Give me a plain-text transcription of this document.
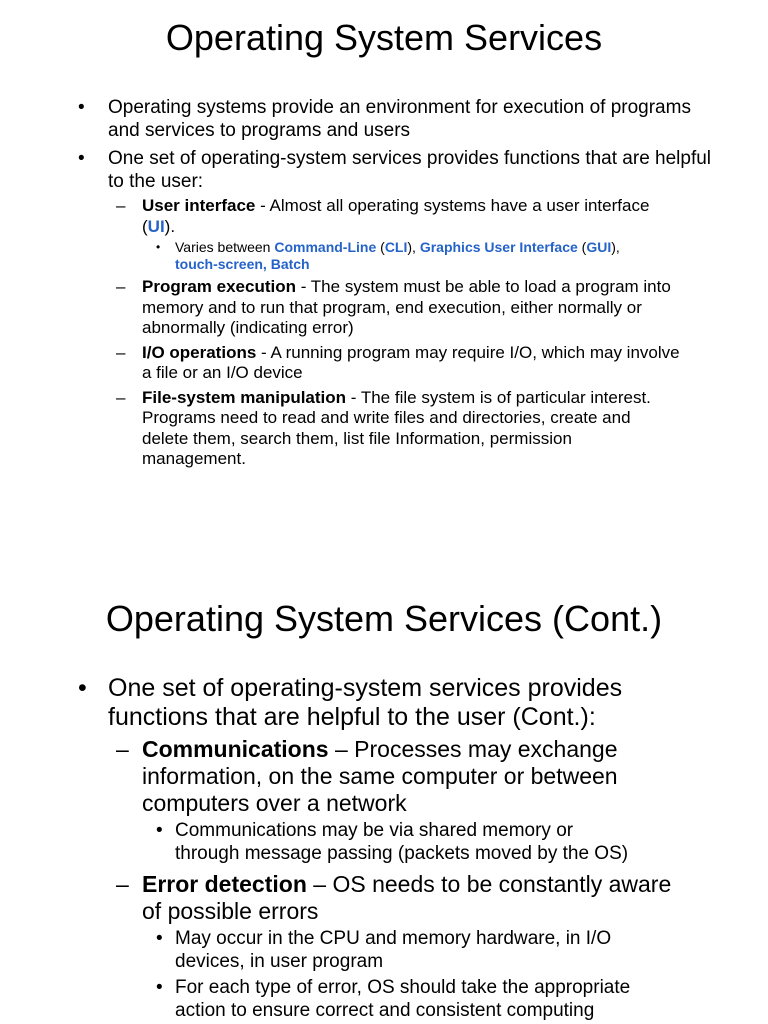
Operating System Services
• Operating systems provide an environment for execution of programs and services to programs and users
• One set of operating-system services provides functions that are helpful to the user:
– User interface - Almost all operating systems have a user interface (UI).
• Varies between Command-Line (CLI), Graphics User Interface (GUI),
touch-screen, Batch
– Program execution - The system must be able to load a program into memory and to run that program, end execution, either normally or abnormally (indicating error)
– I/O operations - A running program may require I/O, which may involve a file or an I/O device
– File-system manipulation - The file system is of particular interest. Programs need to read and write files and directories, create and delete them, search them, list file Information, permission management.
Operating System Services (Cont.)
• One set of operating-system services provides functions that are helpful to the user (Cont.):
– Communications – Processes may exchange information, on the same computer or between computers over a network
• Communications may be via shared memory or through message passing (packets moved by the OS)
– Error detection – OS needs to be constantly aware of possible errors
• May occur in the CPU and memory hardware, in I/O devices, in user program
• For each type of error, OS should take the appropriate action to ensure correct and consistent computing
